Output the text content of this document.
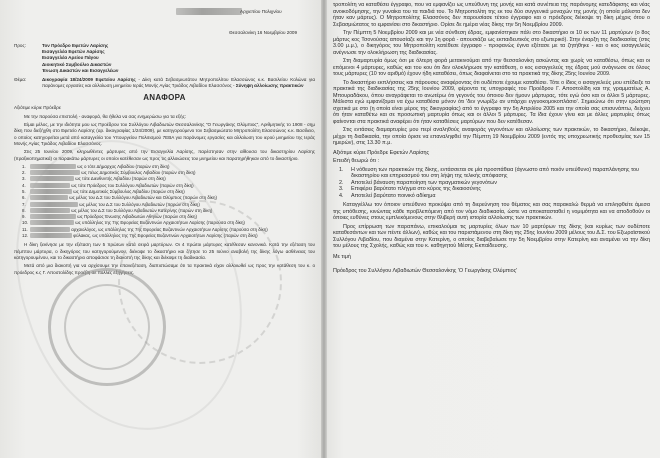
Αρχιεπίου Πολιχνίου
Θεσσαλονίκη 16 Νοεμβρίου 2009
Προς:	Τον Πρόεδρο Εφετών Λαρίσης
Εισαγγελέα Εφετών Λαρίσης
Εισαγγελέα Αρείου Πάγου
Διοικητικό Συμβούλιο Δικαστών
Ένωση Δικαστών και Εισαγγελέων
Θέμα:	Δικογραφία 18/24/2009 Εφετείου Λαρίσης - Δίκη κατά Σεβασμιωτάτου Μητροπολίτου Ελασσώνος κ.κ. Βασιλείου Κολώνα για παράνομες εργασίες και αλλοίωση μνημείου Ιεράς Μονής Αγίας Τριάδος Λιβαδίου Ελασσόνος - Σύνηψη αλλοίωσης πρακτικών

ΑΝΑΦΟΡΑ

Αξιότιμε κύριε Πρόεδρε

Με την παρούσα επιστολή - αναφορά, θα ήθελα να σας ενημερώσω για τα εξής:

Είμαι μέλος, με την ιδιότητα μου ως Προέδρου του Συλλόγου Λιβαδιωτών Θεσσαλονίκης "Ο Γεωργάκης Ολύμπιος", Αριθμητικής το 1908 - σημ δίκη που διεξήχθη στο Εφετείο Λαρίσης (αρ. δικογραφίας 1/24/2009), με κατηγορούμενο τον Σεβασμιώτατο Μητροπολίτη Ελασσώνος κ.κ. Βασίλειο, ο οποίος κατηγορείται μετά από καταγγελία του Υπουργείου Πολιτισμού 7ΕΒΑ για παράνομες εργασίες και αλλοίωση του ιερού μνημείου της Ιεράς Μονής Αγίας Τριάδος Λιβαδίου Ελασσόνος.

Στις 25 Ιουνίου 2009, κληρωθέντες μάρτυρες από την Εισαγγελία Λαρίσης, παρέστησαν στην αίθουσα του δικαστηρίου Λαρίσης (πραξικοπηματικά) οι παρακάτω μάρτυρες οι οποίοι κατέθεσαν ως προς τις αλλοιώσεις του μνημείου και παρατηρήθηκαν από το δικαστήριο.

1.
	ως ο τότε Δήμαρχος Λιβαδίου (παρών στη δίκη)
2.
	ως πέως Δημοτικός Σύμβουλος Λιβαδίου (παρών στη δίκη)
3.
	ως τότε Διευθυντής Λιβαδίου (παρών στη δίκη)
4.
	ως τότε Πρόεδρος του Συλλόγου Λιβαδιωτών (παρών στη δίκη)
5.
	ως τότε Δημοτικός Σύμβουλος Λιβαδίου (παρών στη δίκη)
6.
	ως μέλος του Δ.Σ του Συλλόγου Λιβαδιωτών και Ολύμπιος (παρών στη δίκη)
7.
	ως μέλος του Δ.Σ του Συλλόγου Λιβαδιωτών (παρών στη δίκη)
8.
	ως μέλος του Δ.Σ του Συλλόγου Λιβαδιωτών Κατερίνης (παρών στη δίκη)
9.
	ως Πρόεδρος Ένωσης Λιβαδιωτών Αθηνών (παρών στη δίκη)
10.
	ως υπάλληλος της 7ης Εφορείας Βυζαντινών Αρχαιοτήτων Λαρίσης (παρούσα στη δίκη)
11.
	αρχαιολόγος, ως υπάλληλος της 7ης Εφορείας Βυζαντινών Αρχαιοτήτων Λαρίσης (παρούσα στη δίκη)
12.
	φύλακας, ως υπάλληλος της 7ης Εφορείας Βυζαντινών Αρχαιοτήτων Λαρίσης (παρών στη δίκη)

Η δίκη ξεκίνησε με την εξέταση των 5 πρώτων κατά σειρά μαρτύρων. Οι 4 πρώτοι μάρτυρες κατέθεσαν κανονικά. Κατά την εξέταση του πέμπτου μάρτυρα, ο δικηγόρος του κατηγορούμενου, διέκοψε το δικαστήριο και ζήτησε το 25 Ιούνιο αναβολή της δίκης λόγω ασθένειας του κατηγορουμένου, και το δικαστήριο αποφάσισε τη διακοπή της δίκης και διέκοψε τη διαδικασία.

Μετά από μια διακοπή για να αρχίσουμε την επανεξέταση, διαπιστώσαμε ότι τα πρακτικά είχαν αλλοιωθεί ως προς την κατάθεση του κ. ο πρόεδρος κ.ς Γ. Αποστολίδης προέβη σε πολλές εξηγήσεις.

τροπολίτη να καταθέσει έγγραφο, που να εμφανίζει ως υπεύθυνη της μονής και κατά συνέπεια της παράνομης κατεδάφισης και νέας ανοικοδόμησης, την γυναίκα του τα παιδιά του. Το Μητροπολίτη της εκ του δύο συγγενικά μοναχών της μονής (η οποία μάλιστα δεν ήταν καν μάρτυς). Ο Μητροπολίτης Ελασσόνος δεν παρουσίασε τέτοιο έγγραφο και ο πρόεδρος διέκοψε τη δίκη μέχρις ότου ο Σεβασμιώτατος το εμφανίσει στο δικαστήριο. Ορίσε δε ημέρα νέας δίκης την 5η Νοεμβρίου 2009.

Την Πέμπτη 5 Νοεμβρίου 2009 και με νέα σύνθεση έδρας, εμφανίστηκαν πάλι στο δικαστήριο οι 10 εκ των 11 μαρτύρων (ο 8ος μάρτυς κος Τσονούσας απουσίαζε και την 1η φορά - απουσιάζει ως εκπαιδευτικός στο εξωτερικό). Στην έναρξη της διαδικασίας (στις 3.00 μ.μ.), ο δικηγόρος του Μητροπολίτη κατέθεσε έγγραφο - προφανώς έγινα εξέτασε με τα ζητήθηκε - και ο κος εισαγγελεύς ανέγνωσε την ολοκλήρωση της διαδικασίας.

Στη διαμαρτυρία όμως όσι με όλτερη φορά μετακινούμαι από την θεσσαλονίκη ασκώντας και χωρίς να καταθέσω, όπως και οι επόμενοι 4 μάρτυρες, καθώς και του κου ότι δεν ολοκλήρωσε την κατάθεση, ο κος εισαγγελεύς της έδρας μού ανάγνωσε σε όλους τους μάρτυρες (10 τον αριθμό) έχουν ήδη καταθέσει, όπως διαφαίνεται στο τα πρακτικά της δίκης 25ης Ιουνίου 2009.

Το δικαστήριο εκπλήσσεις και πάρουσες αναφέροντας ότι ουδέποτε έχουμε καταθέσει. Τότε ο ίδιος ο εισαγγελεύς μου επέδειξε τα πρακτικά της διαδικασίας της 25ης Ιουνίου 2009, φέροντα τις υπογραφές του Προέδρου Γ. Αποστολίδη και της γραμματέως Α. Μπουραδάκου, όπου αναγράφεται το ανωτέρω ότι γεγονός του όποιου δεν ήμουν μάρτυρας, τότε εγώ όσο και οι άλλοι 5 μάρτυρες. Μάλιστα εγώ εμφανίζομαι να έχω καταθέσει μόνον ότι 'δεν γνωρίζω αν υπάρχει εγγυοκομοκοπλάσιο'. Σημειώνω ότι στην ερώτηση σχετικά με στο (η οποία είναι μέρος της δικογραφίας) από το έγγραφο την 5η Απριλίου 2005 και την οποία σας επισυνάπτω, δείχνει ότι ήταν καταθέτω και σε προσωπική μαρτυρία όπως και οι άλλοι 5 μάρτυρες. Τα ίδια έχουν γίνει και με άλλες μαρτυρίες όπως φαίνονται στα πρακτικά αναφέρει ότι ήταν καταθέσεις μαρτύρων που δεν κατέθεσαν.

Στις εντάσεις διαμαρτυρίες μου περί αναληθούς αναφοράς γεγονότων και αλλοίωσης των πρακτικών, το δικαστήριο, διέκοψε, μέχρι τη διαδικασία, την οποία όρισε να επαναληφθεί την Πέμπτη 19 Νοεμβρίου 2009 (εντός της υποχρεωτικής προθεσμίας των 15 ημερών), στις 13.30 π.μ.

Αξιότιμε κύριε Πρόεδρε Εφετών Λαρίσης

Επειδή θεωρώ ότι :

1.	Η νόθευση των πρακτικών της δίκης, εντάσσεται σε μία προσπάθεια (άγνωστο από ποιόν υπεύθυνο) παραπλάνησης του δικαστηρίου και επηρεασμού του στη λήψη της τελικής απόφασης
2.	Αποτελεί βάναυση παραποίηση των πραγματικών γεγονότων
3.	Επιφέρει βαρύτατο πλήγμα στο κύρος της δικαιοσύνης
4.	Αποτελεί βαρύτατο ποινικό αδίκημα

Καταγγέλλω τον όποιον υπεύθυνο προκύψει από τη διερεύνηση του θέματος και σας παρακαλώ θερμά να επιληφθείτε άμεσα της υπόθεσης, κινώντας κάθε προβλεπόμενη από τον νόμο διαδικασία, ώστε να αποκατασταθεί η νομιμότητα και να αποδοθούν οι όποιες ευθύνες στους εμπλεκόμενους στην θλιβερή αυτή ιστορία αλλοίωσης των πρακτικών.

Προς επίρρωση των παραπάνω, επικαλούμαι τις μαρτυρίες όλων των 10 μαρτύρων της δίκης (και κυρίως των ουδέποτε καταθεσάντων και των πέντε άλλων), καθώς και του παριστάμενου στη δίκη της 25ης Ιουνίου 2009 μέλους του Δ.Σ. του Εξωραϊστικού Συλλόγου Λιβαδίου, που διαμένει στην Κατερίνη, ο οποίος διαβεβαίωσε την 5η Νοεμβρίου στην Κατερίνη και αναμένει να την δίκη του μέλους της Σχολής, καθώς και του κ. καθηγητού Μέσης Εκπαίδευσης.

Με τιμή
Πρόεδρος του Συλλόγου Λιβαδιωτών Θεσσαλονίκης 'Ο Γεωργάκης Ολύμπιος'
